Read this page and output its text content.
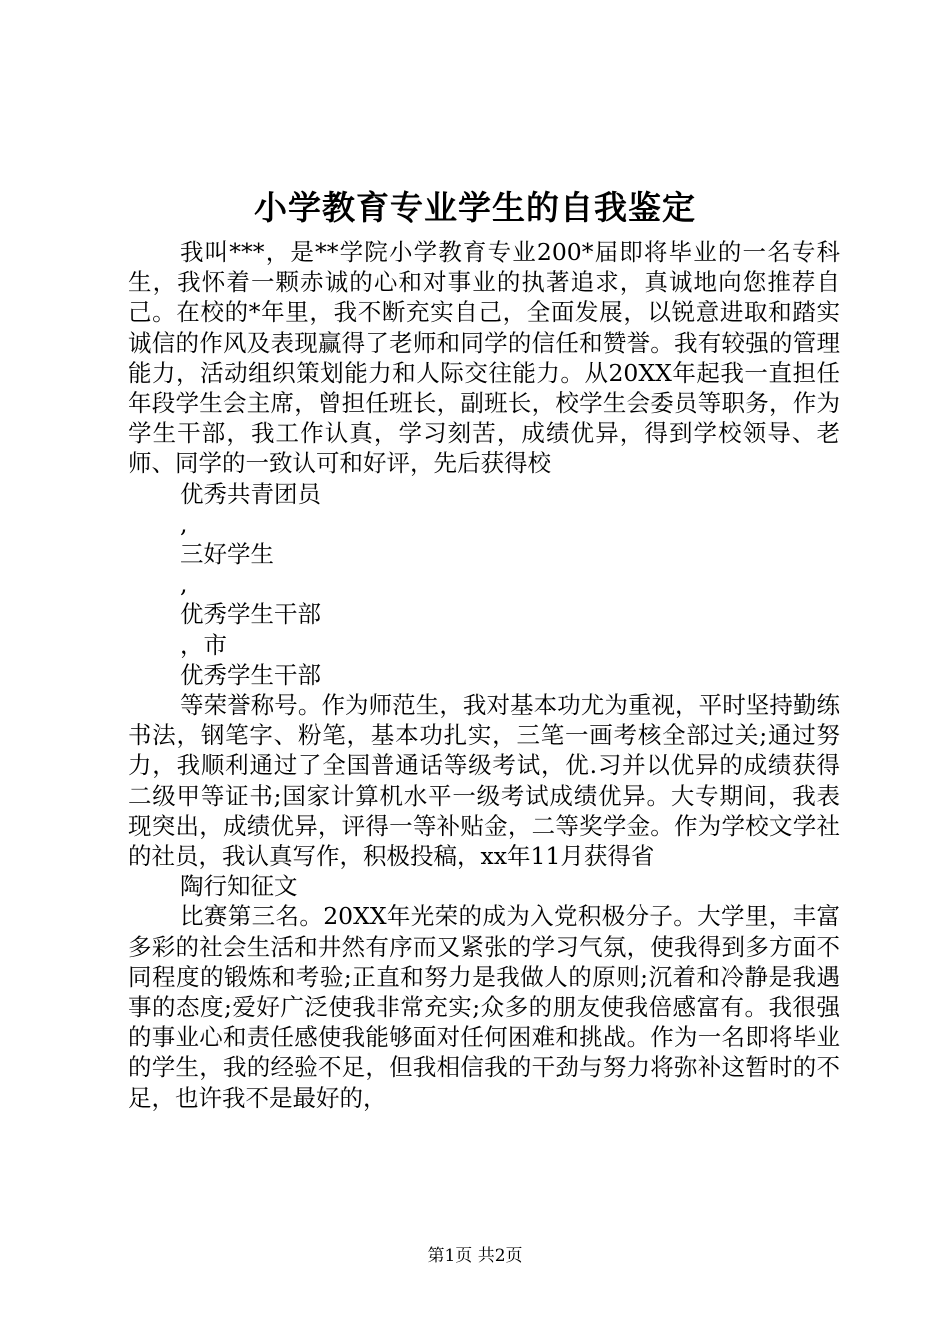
小学教育专业学生的自我鉴定

我叫***，是**学院小学教育专业200*届即将毕业的一名专科生，我怀着一颗赤诚的心和对事业的执著追求，真诚地向您推荐自己。在校的*年里，我不断充实自己，全面发展，以锐意进取和踏实诚信的作风及表现赢得了老师和同学的信任和赞誉。我有较强的管理能力，活动组织策划能力和人际交往能力。从20XX年起我一直担任年段学生会主席，曾担任班长，副班长，校学生会委员等职务，作为学生干部，我工作认真，学习刻苦，成绩优异，得到学校领导、老师、同学的一致认可和好评，先后获得校

优秀共青团员

,

三好学生

,

优秀学生干部

，市

优秀学生干部

等荣誉称号。作为师范生，我对基本功尤为重视，平时坚持勤练书法，钢笔字、粉笔，基本功扎实，三笔一画考核全部过关;通过努力，我顺利通过了全国普通话等级考试，优.习并以优异的成绩获得二级甲等证书;国家计算机水平一级考试成绩优异。大专期间，我表现突出，成绩优异，评得一等补贴金，二等奖学金。作为学校文学社的社员，我认真写作，积极投稿，xx年11月获得省

陶行知征文

比赛第三名。20XX年光荣的成为入党积极分子。大学里，丰富多彩的社会生活和井然有序而又紧张的学习气氛，使我得到多方面不同程度的锻炼和考验;正直和努力是我做人的原则;沉着和冷静是我遇事的态度;爱好广泛使我非常充实;众多的朋友使我倍感富有。我很强的事业心和责任感使我能够面对任何困难和挑战。作为一名即将毕业的学生，我的经验不足，但我相信我的干劲与努力将弥补这暂时的不足，也许我不是最好的，

第1页 共2页
